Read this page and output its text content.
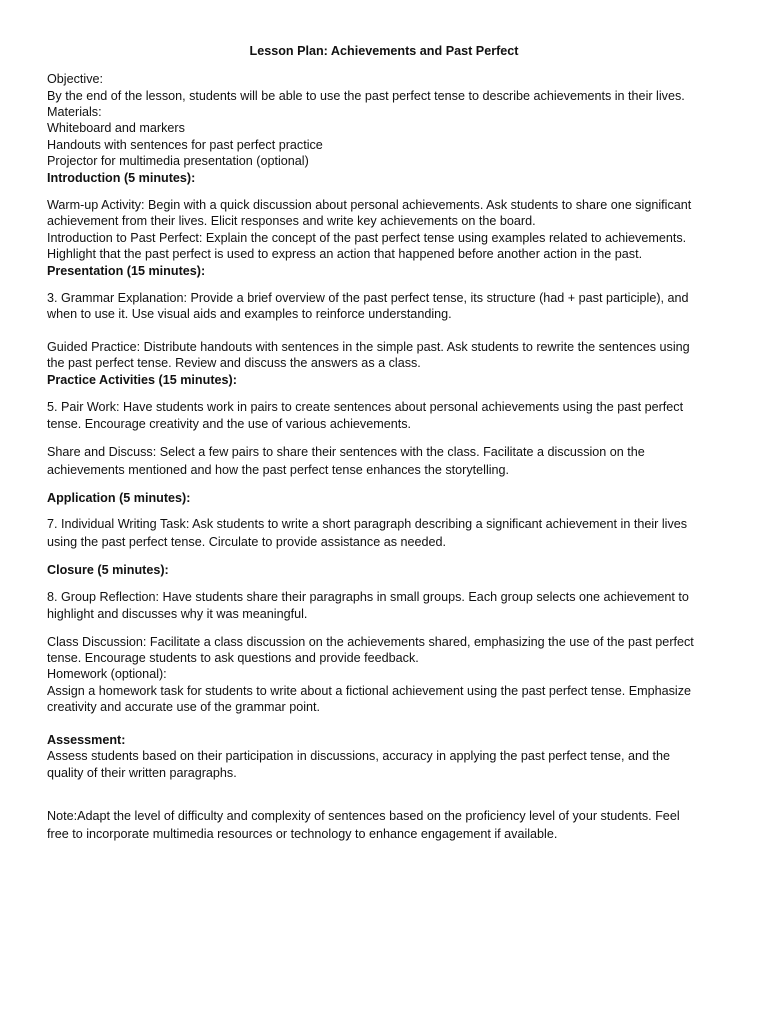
Lesson Plan: Achievements and Past Perfect
Objective:
By the end of the lesson, students will be able to use the past perfect tense to describe achievements in their lives.
Materials:
Whiteboard and markers
Handouts with sentences for past perfect practice
Projector for multimedia presentation (optional)
Introduction (5 minutes):
Warm-up Activity: Begin with a quick discussion about personal achievements. Ask students to share one significant
achievement from their lives. Elicit responses and write key achievements on the board.
Introduction to Past Perfect: Explain the concept of the past perfect tense using examples related to achievements.
Highlight that the past perfect is used to express an action that happened before another action in the past.
Presentation (15 minutes):
3. Grammar Explanation: Provide a brief overview of the past perfect tense, its structure (had + past participle), and
when to use it. Use visual aids and examples to reinforce understanding.
Guided Practice: Distribute handouts with sentences in the simple past. Ask students to rewrite the sentences using
the past perfect tense. Review and discuss the answers as a class.
Practice Activities (15 minutes):
5. Pair Work: Have students work in pairs to create sentences about personal achievements using the past perfect
tense. Encourage creativity and the use of various achievements.
Share and Discuss: Select a few pairs to share their sentences with the class. Facilitate a discussion on the
achievements mentioned and how the past perfect tense enhances the storytelling.
Application (5 minutes):
7. Individual Writing Task: Ask students to write a short paragraph describing a significant achievement in their lives
using the past perfect tense. Circulate to provide assistance as needed.
Closure (5 minutes):
8. Group Reflection: Have students share their paragraphs in small groups. Each group selects one achievement to
highlight and discusses why it was meaningful.
Class Discussion: Facilitate a class discussion on the achievements shared, emphasizing the use of the past perfect
tense. Encourage students to ask questions and provide feedback.
Homework (optional):
Assign a homework task for students to write about a fictional achievement using the past perfect tense. Emphasize
creativity and accurate use of the grammar point.
Assessment:
Assess students based on their participation in discussions, accuracy in applying the past perfect tense, and the
quality of their written paragraphs.
Note:Adapt the level of difficulty and complexity of sentences based on the proficiency level of your students. Feel
free to incorporate multimedia resources or technology to enhance engagement if available.
